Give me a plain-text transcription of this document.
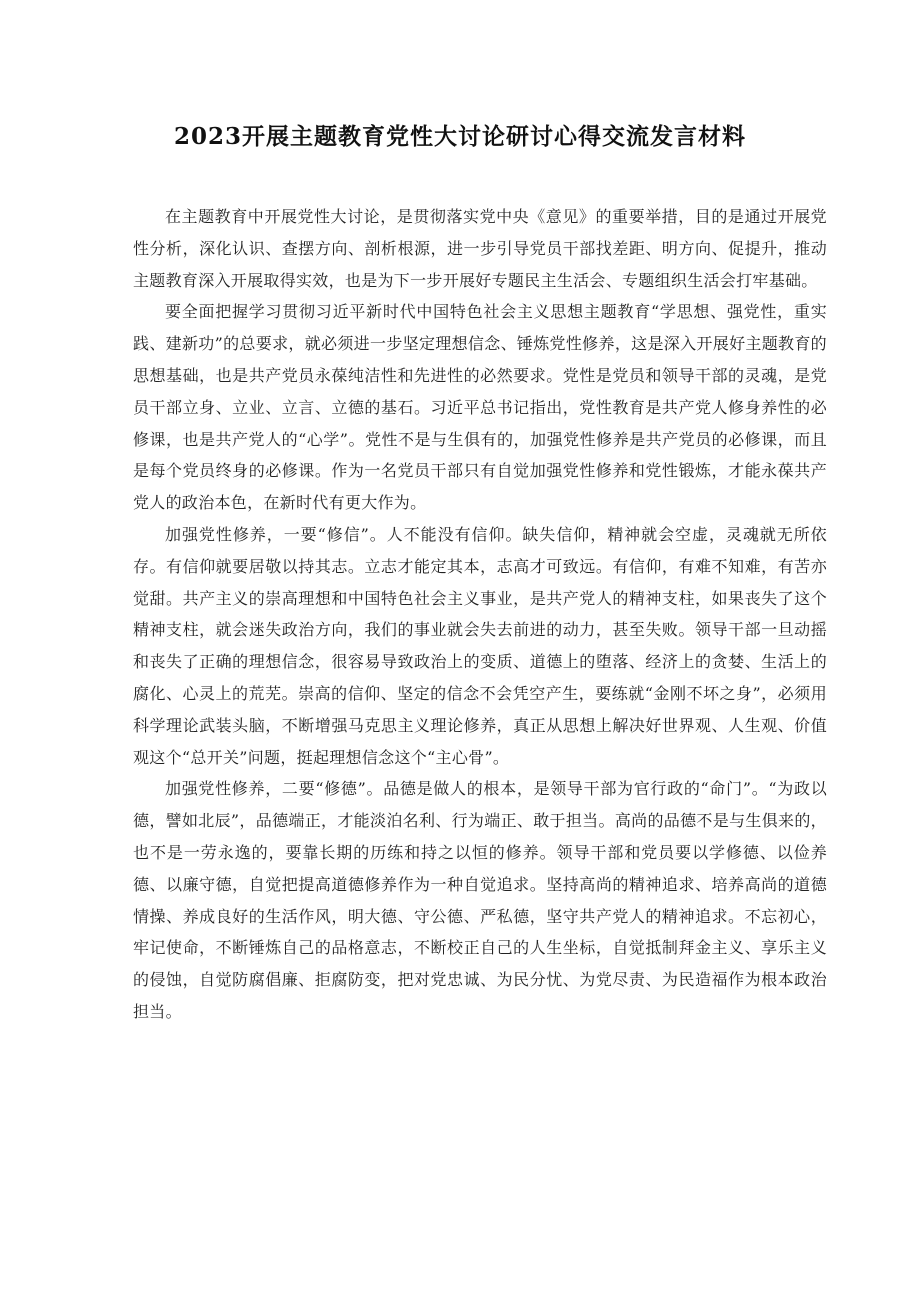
2023开展主题教育党性大讨论研讨心得交流发言材料

在主题教育中开展党性大讨论，是贯彻落实党中央《意见》的重要举措，目的是通过开展党性分析，深化认识、查摆方向、剖析根源，进一步引导党员干部找差距、明方向、促提升，推动主题教育深入开展取得实效，也是为下一步开展好专题民主生活会、专题组织生活会打牢基础。

要全面把握学习贯彻习近平新时代中国特色社会主义思想主题教育“学思想、强党性，重实践、建新功”的总要求，就必须进一步坚定理想信念、锤炼党性修养，这是深入开展好主题教育的思想基础，也是共产党员永葆纯洁性和先进性的必然要求。党性是党员和领导干部的灵魂，是党员干部立身、立业、立言、立德的基石。习近平总书记指出，党性教育是共产党人修身养性的必修课，也是共产党人的“心学”。党性不是与生俱有的，加强党性修养是共产党员的必修课，而且是每个党员终身的必修课。作为一名党员干部只有自觉加强党性修养和党性锻炼，才能永葆共产党人的政治本色，在新时代有更大作为。

加强党性修养，一要“修信”。人不能没有信仰。缺失信仰，精神就会空虚，灵魂就无所依存。有信仰就要居敬以持其志。立志才能定其本，志高才可致远。有信仰，有难不知难，有苦亦觉甜。共产主义的崇高理想和中国特色社会主义事业，是共产党人的精神支柱，如果丧失了这个精神支柱，就会迷失政治方向，我们的事业就会失去前进的动力，甚至失败。领导干部一旦动摇和丧失了正确的理想信念，很容易导致政治上的变质、道德上的堕落、经济上的贪婪、生活上的腐化、心灵上的荒芜。崇高的信仰、坚定的信念不会凭空产生，要练就“金刚不坏之身”，必须用科学理论武装头脑，不断增强马克思主义理论修养，真正从思想上解决好世界观、人生观、价值观这个“总开关”问题，挺起理想信念这个“主心骨”。

加强党性修养，二要“修德”。品德是做人的根本，是领导干部为官行政的“命门”。“为政以德，譬如北辰”，品德端正，才能淡泊名利、行为端正、敢于担当。高尚的品德不是与生俱来的，也不是一劳永逸的，要靠长期的历练和持之以恒的修养。领导干部和党员要以学修德、以俭养德、以廉守德，自觉把提高道德修养作为一种自觉追求。坚持高尚的精神追求、培养高尚的道德情操、养成良好的生活作风，明大德、守公德、严私德，坚守共产党人的精神追求。不忘初心，牢记使命，不断锤炼自己的品格意志，不断校正自己的人生坐标，自觉抵制拜金主义、享乐主义的侵蚀，自觉防腐倡廉、拒腐防变，把对党忠诚、为民分忧、为党尽责、为民造福作为根本政治担当。
